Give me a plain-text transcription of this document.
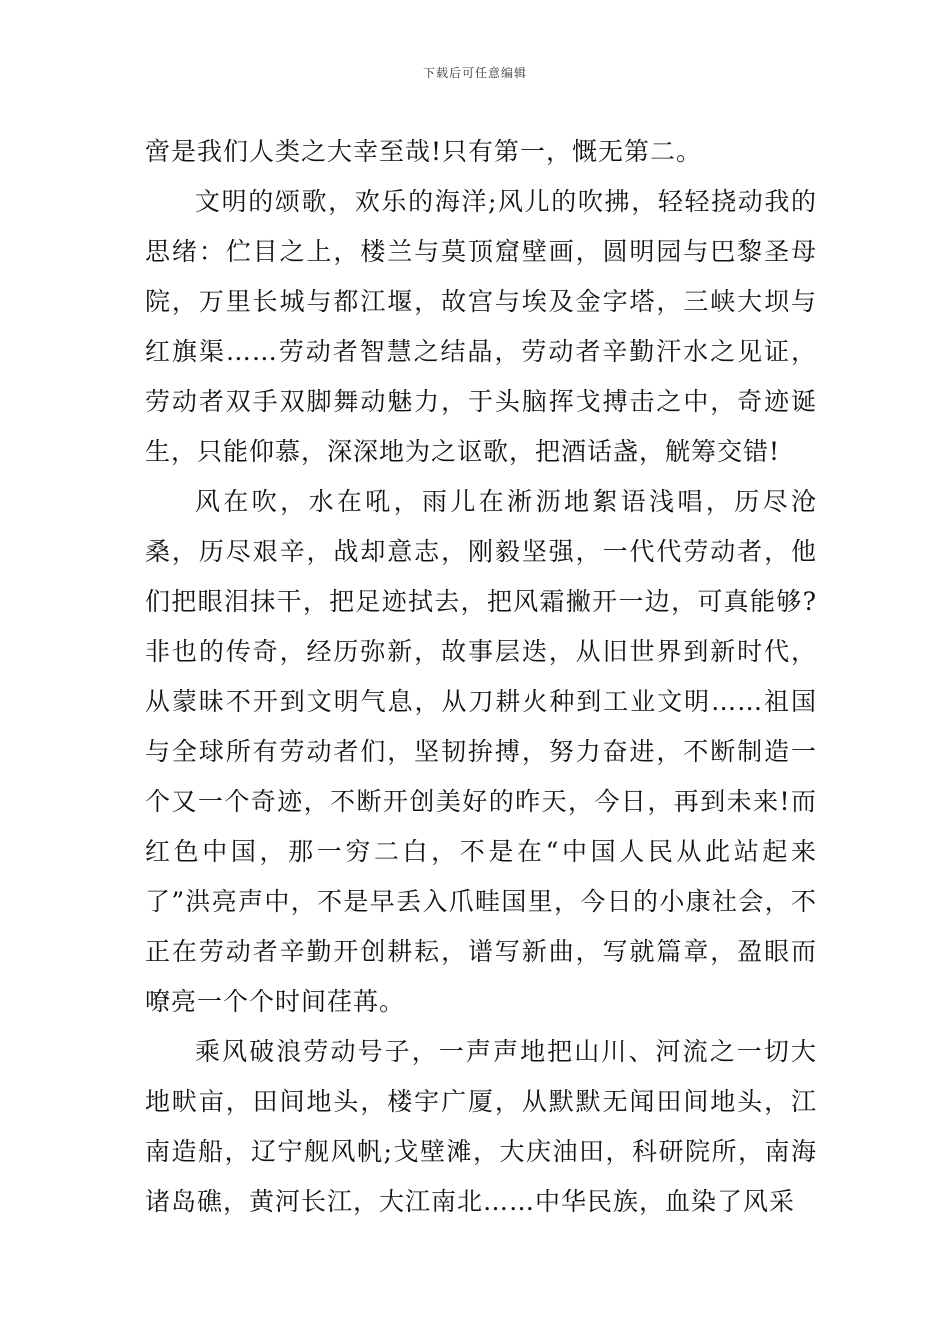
下载后可任意编辑

啻是我们人类之大幸至哉!只有第一，慨无第二。

文明的颂歌，欢乐的海洋;风儿的吹拂，轻轻挠动我的思绪：伫目之上，楼兰与莫顶窟壁画，圆明园与巴黎圣母院，万里长城与都江堰，故宫与埃及金字塔，三峡大坝与红旗渠……劳动者智慧之结晶，劳动者辛勤汗水之见证，劳动者双手双脚舞动魅力，于头脑挥戈搏击之中，奇迹诞生，只能仰慕，深深地为之讴歌，把酒话盏，觥筹交错!

风在吹，水在吼，雨儿在淅沥地絮语浅唱，历尽沧桑，历尽艰辛，战却意志，刚毅坚强，一代代劳动者，他们把眼泪抹干，把足迹拭去，把风霜撇开一边，可真能够?非也的传奇，经历弥新，故事层迭，从旧世界到新时代，从蒙昧不开到文明气息，从刀耕火种到工业文明……祖国与全球所有劳动者们，坚韧拚搏，努力奋进，不断制造一个又一个奇迹，不断开创美好的昨天，今日，再到未来!而红色中国，那一穷二白，不是在“中国人民从此站起来了”洪亮声中，不是早丢入爪畦国里，今日的小康社会，不正在劳动者辛勤开创耕耘，谱写新曲，写就篇章，盈眼而嘹亮一个个时间荏苒。

乘风破浪劳动号子，一声声地把山川、河流之一切大地畎亩，田间地头，楼宇广厦，从默默无闻田间地头，江南造船，辽宁舰风帆;戈壁滩，大庆油田，科研院所，南海诸岛礁，黄河长江，大江南北……中华民族，血染了风采
